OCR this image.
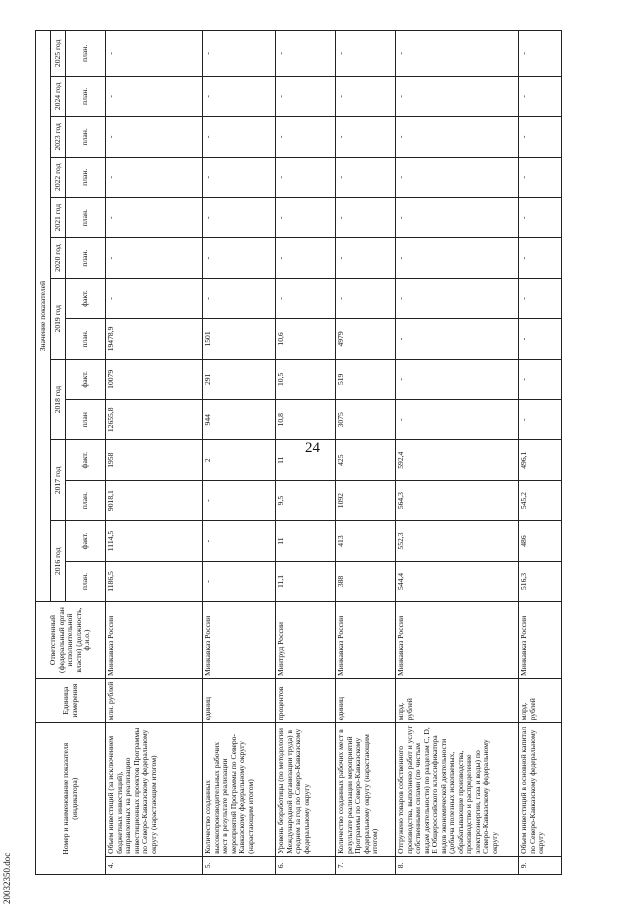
24
20032350.doc
Номер и наименование показателя (индикатора)		Единица измерения	Ответственный (федеральный орган исполнительной власти) (должность, ф.и.о.)	Значение показателей													
				2016 год		2017 год		2018 год		2019 год		2020 год	2021 год	2022 год	2023 год	2024 год	2025 год
				план.	факт.	план.	факт.	план	факт.	план.	факт.	план.	план.	план.	план.	план.	план.
4.	Объем инвестиций (за исключением бюджетных инвестиций), направленных на реализацию инвестиционных проектов Программы по Северо-Кавказскому федеральному округу (нарастающим итогом)	млн. рублей	Минкавказ России	1186,5	1114,5	9018,1	1958	12655,8	10079	19478,9	-	-	-	-	-	-	-
5.	Количество созданных высокопроизводительных рабочих мест в результате реализации мероприятий Программы по Северо-Кавказскому федеральному округу (нарастающим итогом)	единиц	Минкавказ России	-	-	-	2	944	291	1501	-	-	-	-	-	-	-
6.	Уровень безработицы (по методологии Международной организации труда) в среднем за год по Северо-Кавказскому федеральному округу	процентов	Минтруд России	11,1	11	9,5	11	10,8	10,5	10,6	-	-	-	-	-	-	-
7.	Количество созданных рабочих мест в результате реализации мероприятий Программы по Северо-Кавказскому федеральному округу (нарастающим итогом)	единиц	Минкавказ России	388	413	1092	425	3075	519	4979	-	-	-	-	-	-	-
8.	Отгружено товаров собственного производства, выполнено работ и услуг собственными силами (по чистым видам деятельности) по разделам C, D, E Общероссийского классификатора видов экономической деятельности (добыча полезных ископаемых, обрабатывающие производства, производство и распределение электроэнергии, газа и воды) по Северо-Кавказскому федеральному округу	млрд. рублей	Минкавказ России	544,4	552,3	564,3	592,4	-	-	-	-	-	-	-	-	-	-
9.	Объем инвестиций в основной капитал по Северо-Кавказскому федеральному округу	млрд. рублей	Минкавказ России	516,3	486	545,2	496,1	-	-	-	-	-	-	-	-	-	-
